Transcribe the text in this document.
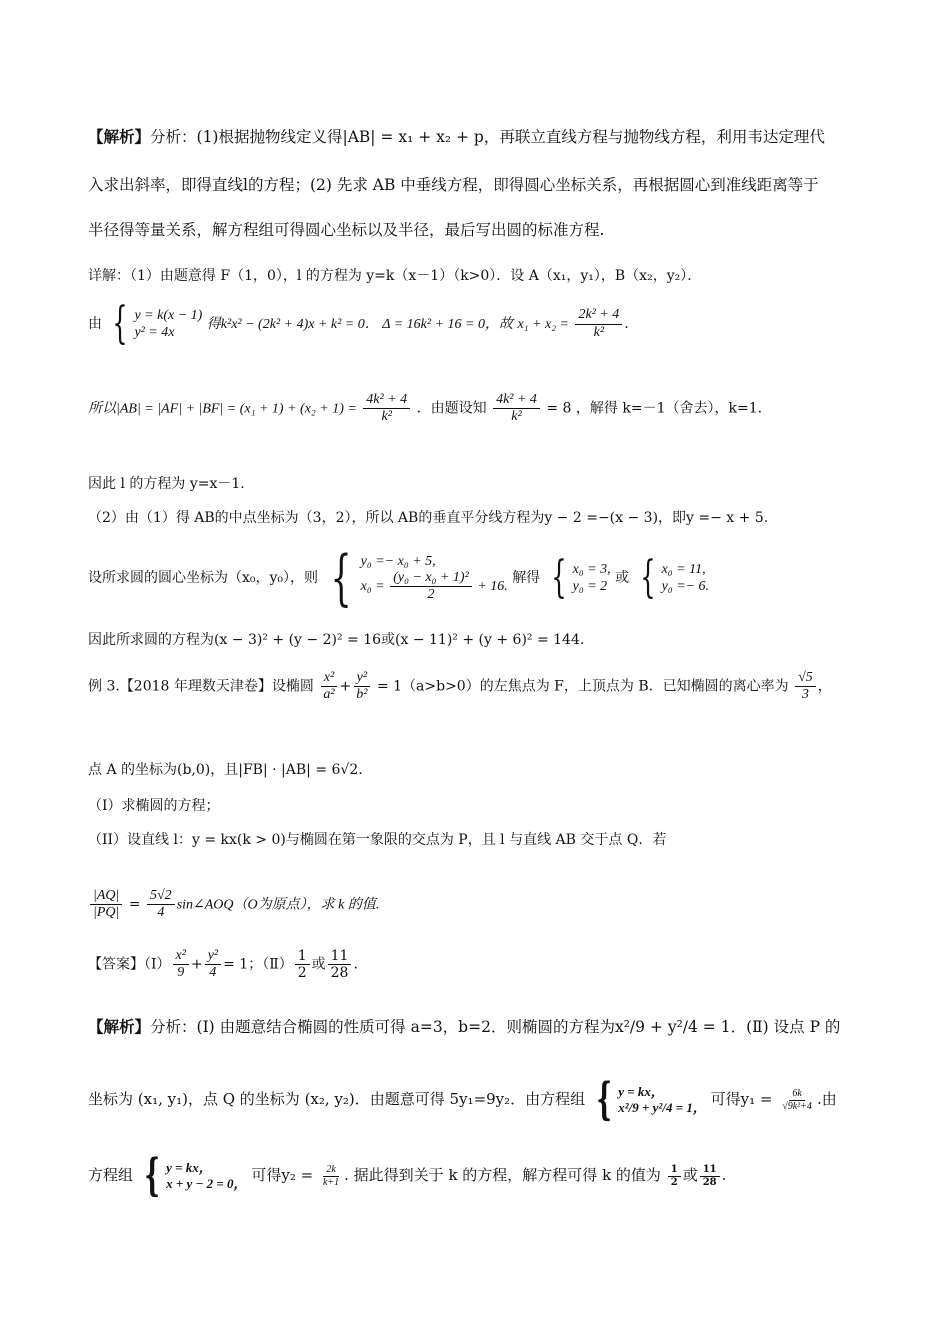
【解析】分析：(1)根据抛物线定义得|AB| = x₁ + x₂ + p，再联立直线方程与抛物线方程，利用韦达定理代
入求出斜率，即得直线l的方程；(2) 先求 AB 中垂线方程，即得圆心坐标关系，再根据圆心到准线距离等于
半径得等量关系，解方程组可得圆心坐标以及半径，最后写出圆的标准方程.
详解：（1）由题意得 F（1，0），l 的方程为 y=k（x－1）（k>0）．设 A（x₁，y₁），B（x₂，y₂）．
由 { y = k(x − 1)
y² = 4x
得k²x² − (2k² + 4)x + k² = 0． Δ = 16k² + 16 = 0，故 $x_1 + x_2 = \frac{\text{2k² + 4}}{\text{k²}}$ ．
所以$|AB| = |AF| + |BF| = (x_1 + 1) + (x_2 + 1) = \frac{\text{4k² + 4}}{\text{k²}}$ ．由题设知 $\frac{\text{4k² + 4}}{\text{k²}} = 8$ ，解得 k=－1（舍去），k=1.
因此 l 的方程为 y=x－1.
（2）由（1）得 AB的中点坐标为（3，2），所以 AB的垂直平分线方程为y − 2 =−(x − 3)，即y =− x + 5.
设所求圆的圆心坐标为（x₀，y₀），则 { y₀ =− x₀ + 5,
$x_0 = \frac{\text{(y₀ − x₀ + 1)²}}{2} + 16$.
解得 { x₀ = 3,
y₀ = 2
或 { x₀ = 11,
y₀ =− 6.
因此所求圆的方程为(x − 3)² + (y − 2)² = 16或(x − 11)² + (y + 6)² = 144.
例 3.【2018 年理数天津卷】设椭圆 $\frac{\text{x²}}{\text{a²}} + \frac{\text{y²}}{\text{b²}} = 1(a>b>0)$的左焦点为 F，上顶点为 B．已知椭圆的离心率为 $\frac{√5}{3}$ ，
点 A 的坐标为(b,0)，且|FB| · |AB| = 6√2.
（I）求椭圆的方程；
（II）设直线 l：y = kx(k > 0)与椭圆在第一象限的交点为 P，且 l 与直线 AB 交于点 Q．若
$\frac{|AQ|}{|PQ|} = \frac{5√2}{4}$ sin∠AOQ（O为原点），求 k 的值.
【答案】（Ⅰ） $\frac{\text{x²}}{9} + \frac{\text{y²}}{4} = 1$；（Ⅱ） $\frac{1}{2}$ 或 $\frac{11}{28}$ .
【解析】分析：(Ⅰ) 由题意结合椭圆的性质可得 a=3，b=2．则椭圆的方程为x²/9 + y²/4 = 1．(Ⅱ) 设点 P 的
坐标为 (x₁, y₁)，点 Q 的坐标为 (x₂, y₂)．由题意可得 5y₁=9y₂．由方程组 { y = kx，
x²/9 + y²/4 = 1， 可得$y_1 = \frac{6k}{\text{√9k²+4}}$ .由
方程组 { y = kx，
x + y − 2 = 0， 可得$y_2 = \frac{2k}{k+1}$ . 据此得到关于 k 的方程，解方程可得 k 的值为 $\frac{1}{2}$ 或 $\frac{11}{28}$ .
